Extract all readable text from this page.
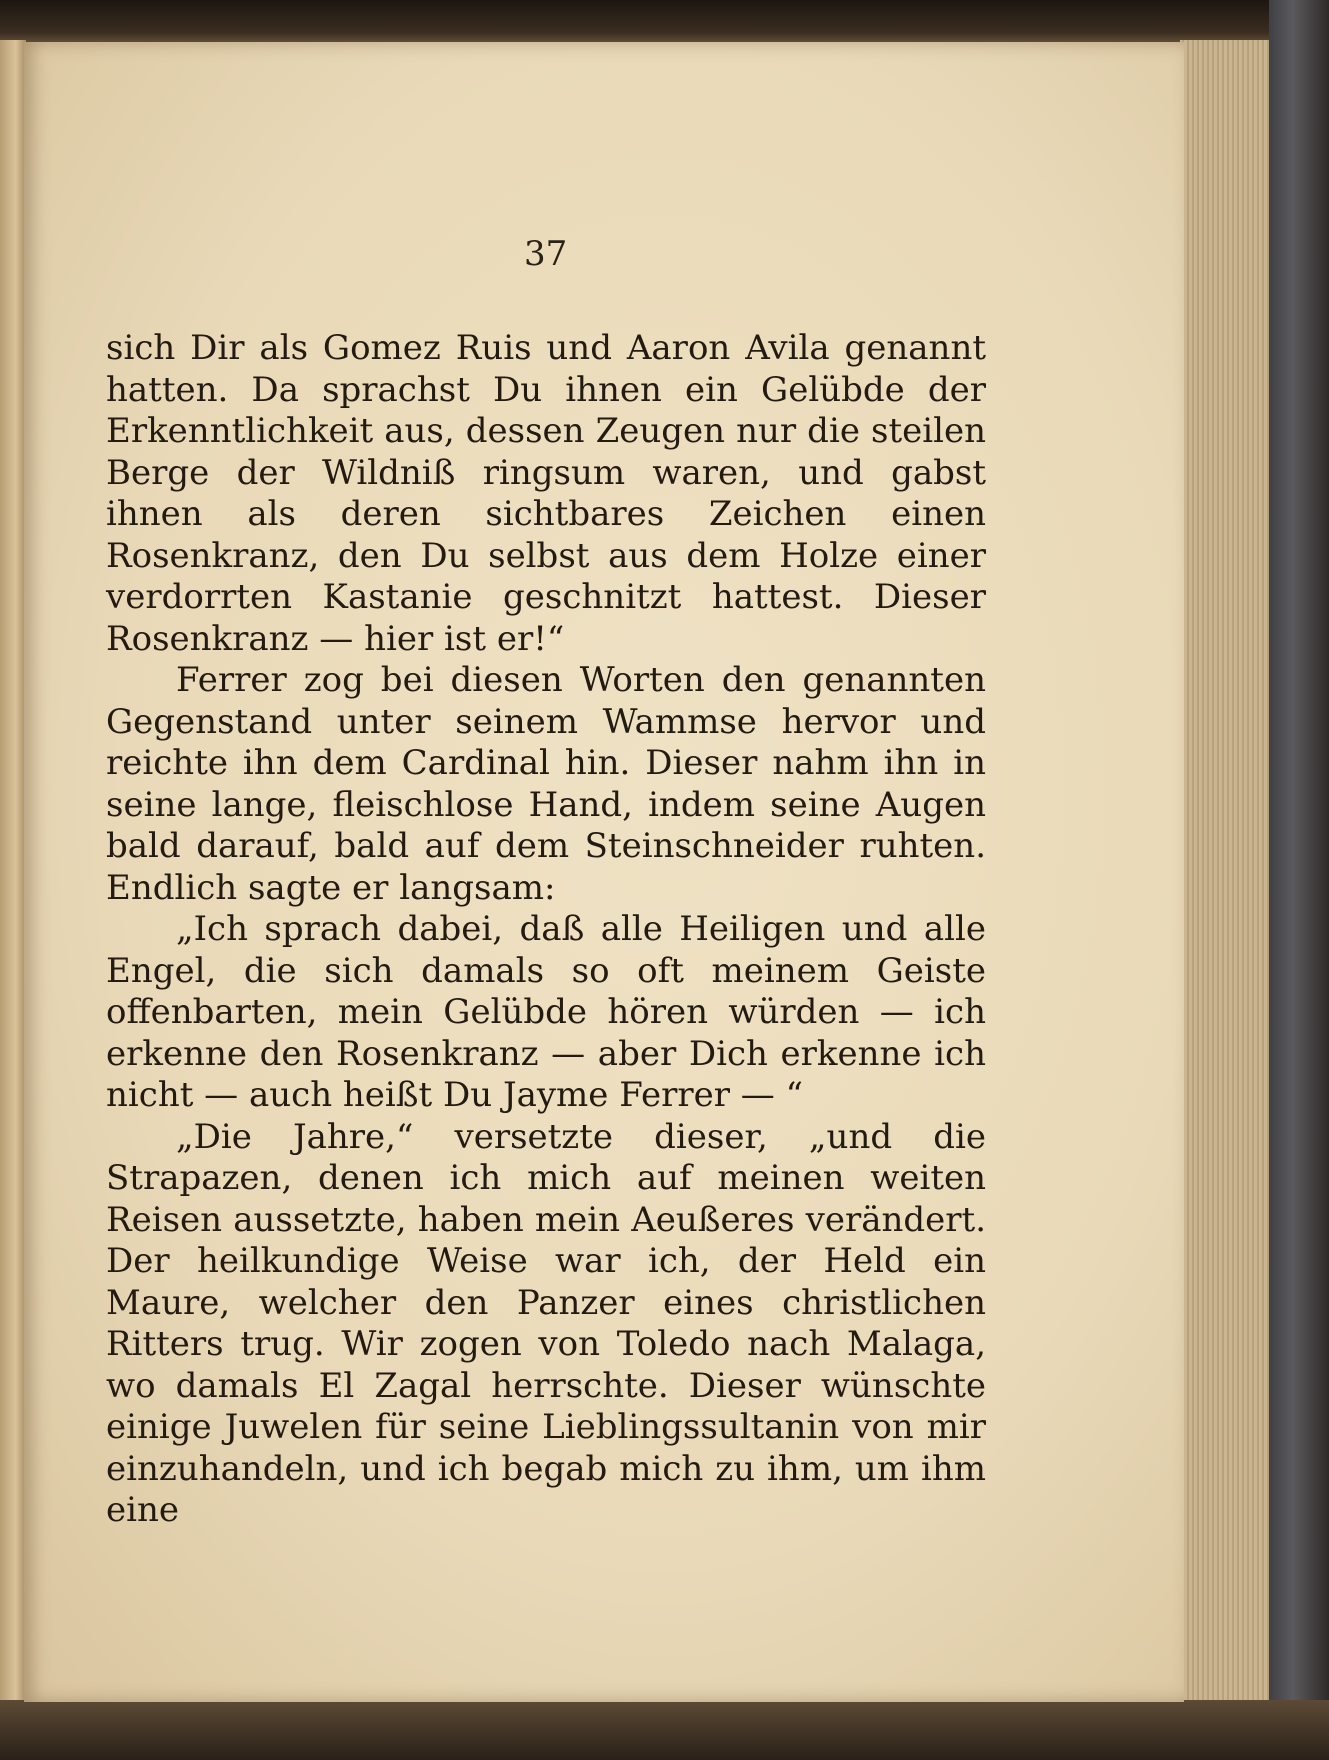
37

sich Dir als Gomez Ruis und Aaron Avila genannt hatten. Da sprachst Du ihnen ein Gelübde der Erkenntlichkeit aus, dessen Zeugen nur die steilen Berge der Wildniß ringsum waren, und gabst ihnen als deren sichtbares Zeichen einen Rosenkranz, den Du selbst aus dem Holze einer verdorrten Kastanie geschnitzt hattest. Dieser Rosenkranz — hier ist er!“

Ferrer zog bei diesen Worten den genannten Gegenstand unter seinem Wammse hervor und reichte ihn dem Cardinal hin. Dieser nahm ihn in seine lange, fleischlose Hand, indem seine Augen bald darauf, bald auf dem Steinschneider ruhten. Endlich sagte er langsam:

„Ich sprach dabei, daß alle Heiligen und alle Engel, die sich damals so oft meinem Geiste offenbarten, mein Gelübde hören würden — ich erkenne den Rosenkranz — aber Dich erkenne ich nicht — auch heißt Du Jayme Ferrer — “

„Die Jahre,“ versetzte dieser, „und die Strapazen, denen ich mich auf meinen weiten Reisen aussetzte, haben mein Aeußeres verändert. Der heilkundige Weise war ich, der Held ein Maure, welcher den Panzer eines christlichen Ritters trug. Wir zogen von Toledo nach Malaga, wo damals El Zagal herrschte. Dieser wünschte einige Juwelen für seine Lieblingssultanin von mir einzuhandeln, und ich begab mich zu ihm, um ihm eine
